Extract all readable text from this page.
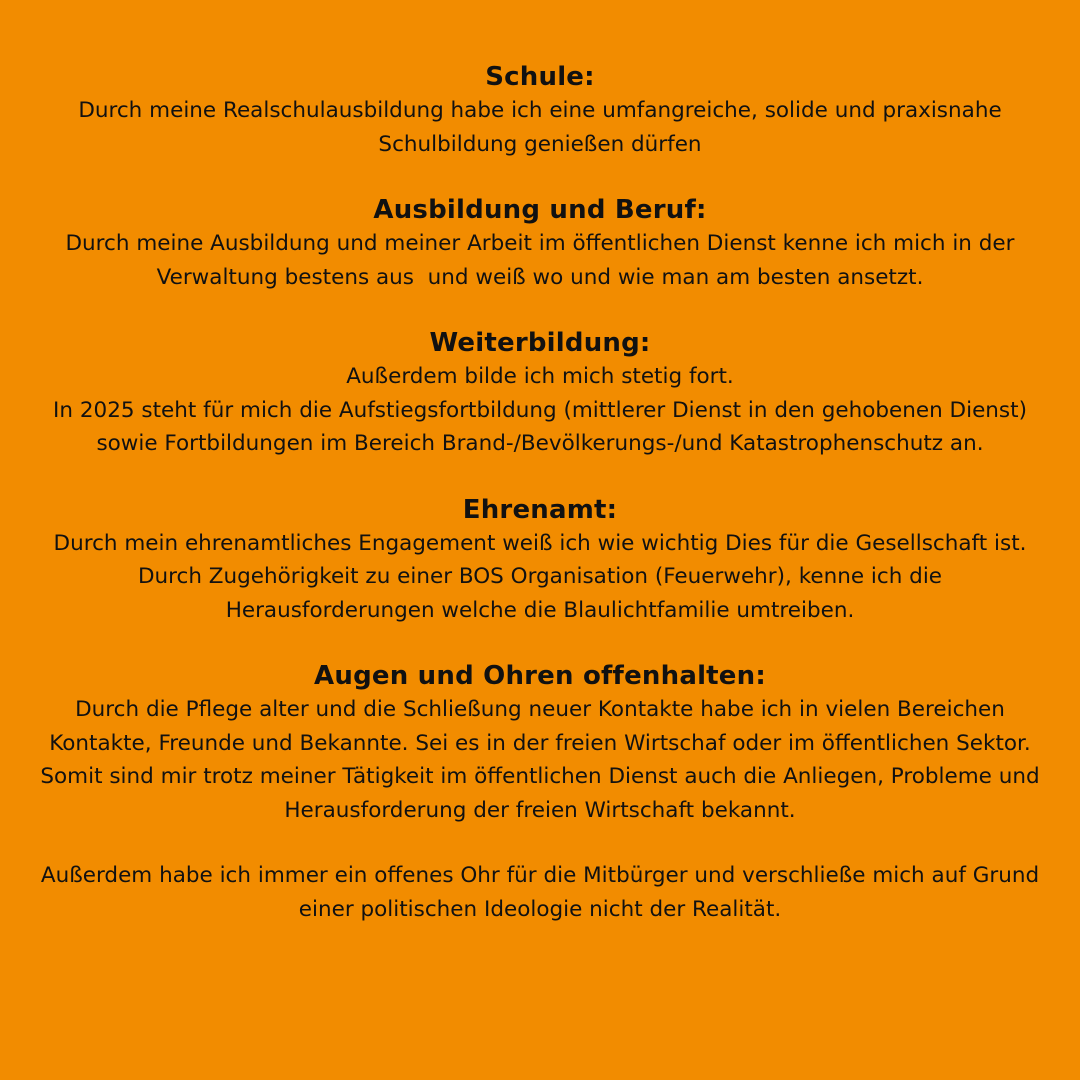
Schule:

Durch meine Realschulausbildung habe ich eine umfangreiche, solide und praxisnahe

Schulbildung genießen dürfen

Ausbildung und Beruf:

Durch meine Ausbildung und meiner Arbeit im öffentlichen Dienst kenne ich mich in der

Verwaltung bestens aus  und weiß wo und wie man am besten ansetzt.

Weiterbildung:

Außerdem bilde ich mich stetig fort.

In 2025 steht für mich die Aufstiegsfortbildung (mittlerer Dienst in den gehobenen Dienst)

sowie Fortbildungen im Bereich Brand-/Bevölkerungs-/und Katastrophenschutz an.

Ehrenamt:

Durch mein ehrenamtliches Engagement weiß ich wie wichtig Dies für die Gesellschaft ist.

Durch Zugehörigkeit zu einer BOS Organisation (Feuerwehr), kenne ich die

Herausforderungen welche die Blaulichtfamilie umtreiben.

Augen und Ohren offenhalten:

Durch die Pflege alter und die Schließung neuer Kontakte habe ich in vielen Bereichen

Kontakte, Freunde und Bekannte. Sei es in der freien Wirtschaf oder im öffentlichen Sektor.

Somit sind mir trotz meiner Tätigkeit im öffentlichen Dienst auch die Anliegen, Probleme und

Herausforderung der freien Wirtschaft bekannt.

Außerdem habe ich immer ein offenes Ohr für die Mitbürger und verschließe mich auf Grund

einer politischen Ideologie nicht der Realität.
